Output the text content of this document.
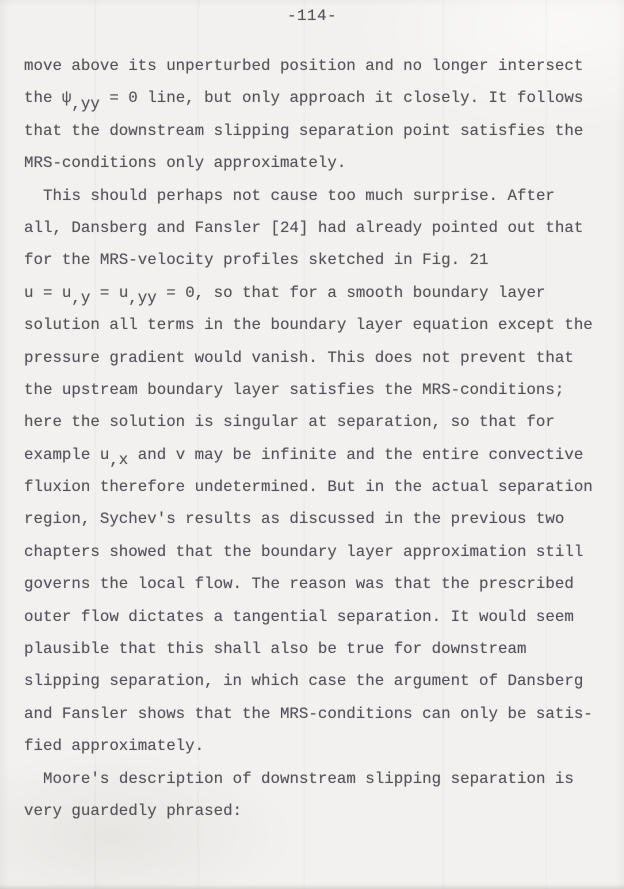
-114-
move above its unperturbed position and no longer intersect
the ψ,yy = 0 line, but only approach it closely. It follows
that the downstream slipping separation point satisfies the
MRS-conditions only approximately.
This should perhaps not cause too much surprise. After
all, Dansberg and Fansler [24] had already pointed out that
for the MRS-velocity profiles sketched in Fig. 21
u = u,y = u,yy = 0, so that for a smooth boundary layer
solution all terms in the boundary layer equation except the
pressure gradient would vanish. This does not prevent that
the upstream boundary layer satisfies the MRS-conditions;
here the solution is singular at separation, so that for
example u,x and v may be infinite and the entire convective
fluxion therefore undetermined. But in the actual separation
region, Sychev's results as discussed in the previous two
chapters showed that the boundary layer approximation still
governs the local flow. The reason was that the prescribed
outer flow dictates a tangential separation. It would seem
plausible that this shall also be true for downstream
slipping separation, in which case the argument of Dansberg
and Fansler shows that the MRS-conditions can only be satis-
fied approximately.
Moore's description of downstream slipping separation is
very guardedly phrased:
